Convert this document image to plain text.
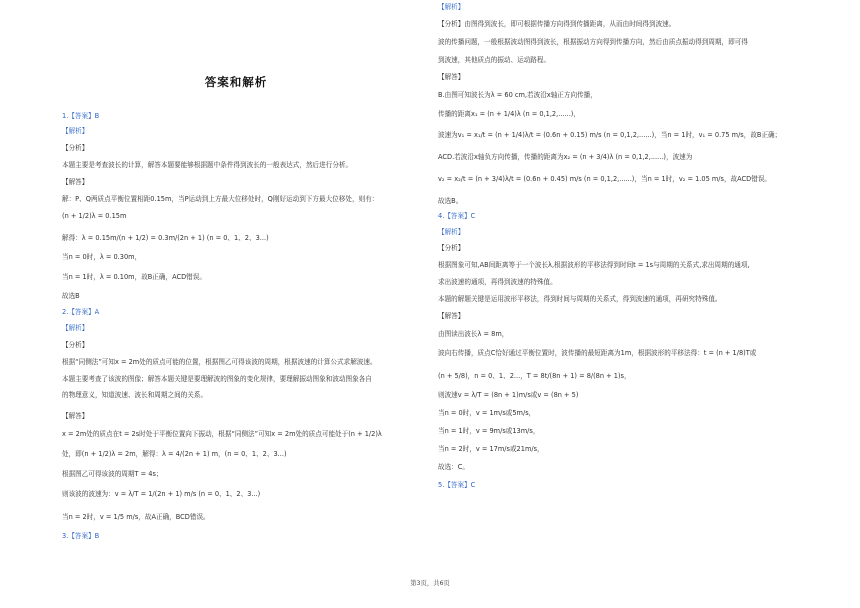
答案和解析
1.【答案】B
【解析】
【分析】
本题主要是考查波长的计算，解答本题要能够根据题中条件得到波长的一般表达式，然后进行分析。
【解答】
解：P、Q两质点平衡位置相距0.15m，当P运动到上方最大位移处时，Q刚好运动到下方最大位移处，则有：
(n + 1/2)λ = 0.15m
解得：λ = 0.15m/(n + 1/2) = 0.3m/(2n + 1) (n = 0、1、2、3...)
当n = 0时，λ = 0.30m，
当n = 1时，λ = 0.10m，故B正确，ACD错误。
故选B
2.【答案】A
【解析】
【分析】
根据“同侧法”可知x = 2m处的质点可能的位置，根据图乙可得该波的周期，根据波速的计算公式求解波速。
本题主要考查了该波的图像；解答本题关键是要理解波的图象的变化规律，要理解振动图象和波动图象各自
的物理意义，知道波速、波长和周期之间的关系。
【解答】
x = 2m处的质点在t = 2s时处于平衡位置向下振动，根据“同侧法”可知x = 2m处的质点可能处于(n + 1/2)λ
处，即(n + 1/2)λ = 2m，解得：λ = 4/(2n + 1) m，(n = 0、1、2、3...)
根据图乙可得该波的周期T = 4s；
则该波的波速为：v = λ/T = 1/(2n + 1) m/s (n = 0、1、2、3...)
当n = 2时，v = 1/5 m/s，故A正确，BCD错误。
3.【答案】B
【解析】
【分析】由图得到波长，即可根据传播方向得到传播距离，从而由时间得到波速。
波的传播问题，一般根据波动图得到波长，根据振动方向得到传播方向，然后由质点振动得到周期，即可得
到波速，其他质点的振动、运动路程。
【解答】
B.由图可知波长为λ = 60 cm,若波沿x轴正方向传播，
传播的距离x₁ = (n + 1/4)λ (n = 0,1,2,......)，
波速为v₁ = x₁/t = (n + 1/4)λ/t = (0.6n + 0.15) m/s (n = 0,1,2,......)，当n = 1时，v₁ = 0.75 m/s，故B正确；
ACD.若波沿x轴负方向传播，传播的距离为x₂ = (n + 3/4)λ (n = 0,1,2,......)，波速为
v₂ = x₂/t = (n + 3/4)λ/t = (0.6n + 0.45) m/s (n = 0,1,2,......)，当n = 1时，v₂ = 1.05 m/s，故ACD错误。
故选B。
4.【答案】C
【解析】
【分析】
根据图象可知,AB间距离等于一个波长λ,根据波形的平移法得到时间t = 1s与周期的关系式,求出周期的通项,
求出波速的通项，再得到波速的特殊值。
本题的解题关键是运用波形平移法，得到时间与周期的关系式，得到波速的通项，再研究特殊值。
【解答】
由图读出波长λ = 8m，
波向右传播，质点C恰好通过平衡位置时，波传播的最短距离为1m，根据波形的平移法得：t = (n + 1/8)T或
(n + 5/8)，n = 0、1、2...，T = 8t/(8n + 1) = 8/(8n + 1)s，
则波速v = λ/T = (8n + 1)m/s或v = (8n + 5)
当n = 0时，v = 1m/s或5m/s，
当n = 1时，v = 9m/s或13m/s，
当n = 2时，v = 17m/s或21m/s，
故选：C。
5.【答案】C
第3页，共6页
